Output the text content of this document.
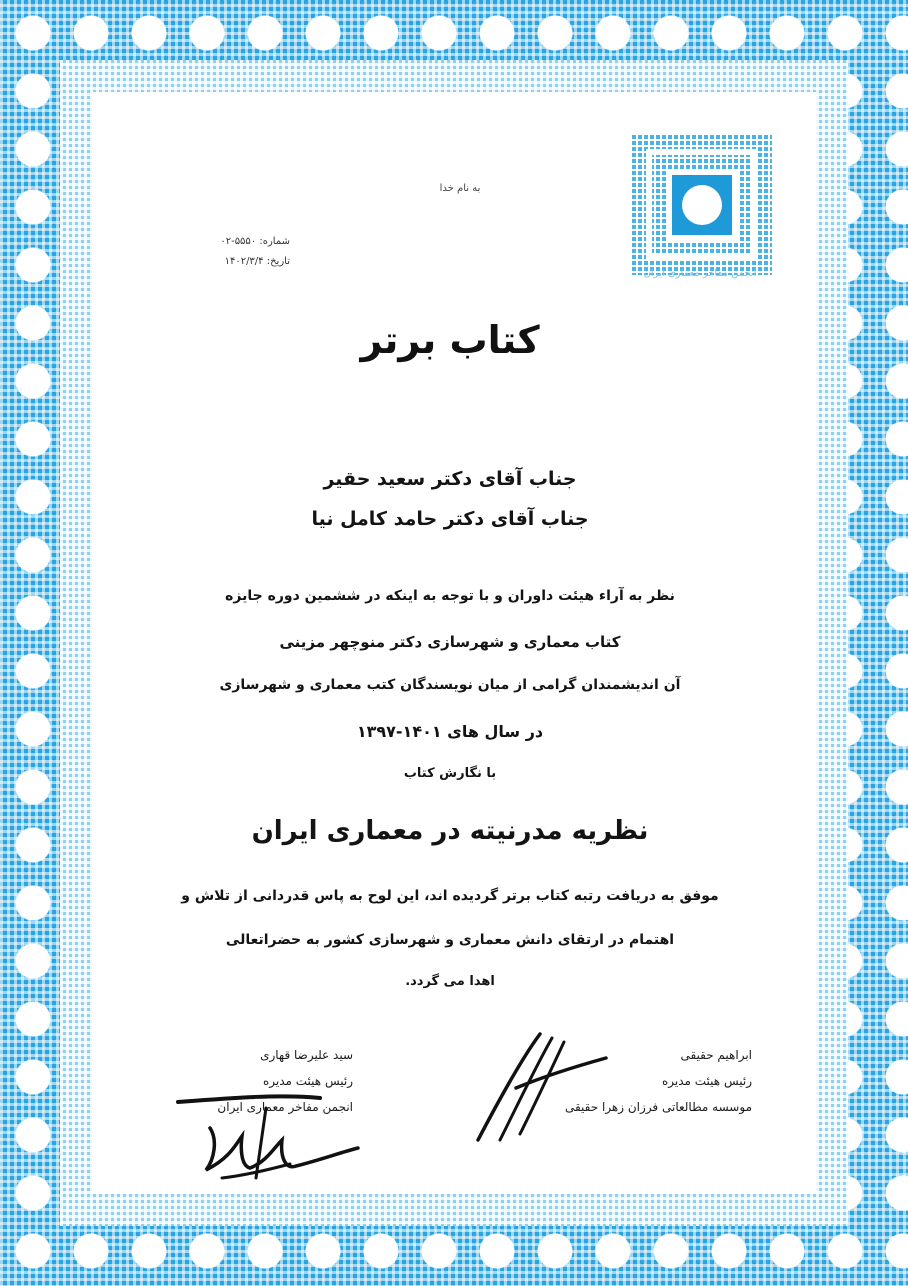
انجمن مفاخر معماری ایران
به نام خدا
شماره: ۵۵۵۰-۰۲
تاریخ: ۱۴۰۲/۳/۴
کتاب برتر
جناب آقای دکتر سعید حقیر
جناب آقای دکتر حامد کامل نیا
نظر به آراء هیئت داوران و با توجه به اینکه در ششمین دوره جایزه
کتاب معماری و شهرسازی دکتر منوچهر مزینی
آن اندیشمندان گرامی از میان نویسندگان کتب معماری و شهرسازی
در سال های ۱۴۰۱-۱۳۹۷
با نگارش کتاب
نظریه مدرنیته در معماری ایران
موفق به دریافت رتبه کتاب برتر گردیده اند، این لوح به پاس قدردانی از تلاش و
اهتمام در ارتقای دانش معماری و شهرسازی کشور به حضراتعالی
اهدا می گردد.
سید علیرضا قهاری
رئیس هیئت مدیره
انجمن مفاخر معماری ایران
ابراهیم حقیقی
رئیس هیئت مدیره
موسسه مطالعاتی فرزان زهرا حقیقی
